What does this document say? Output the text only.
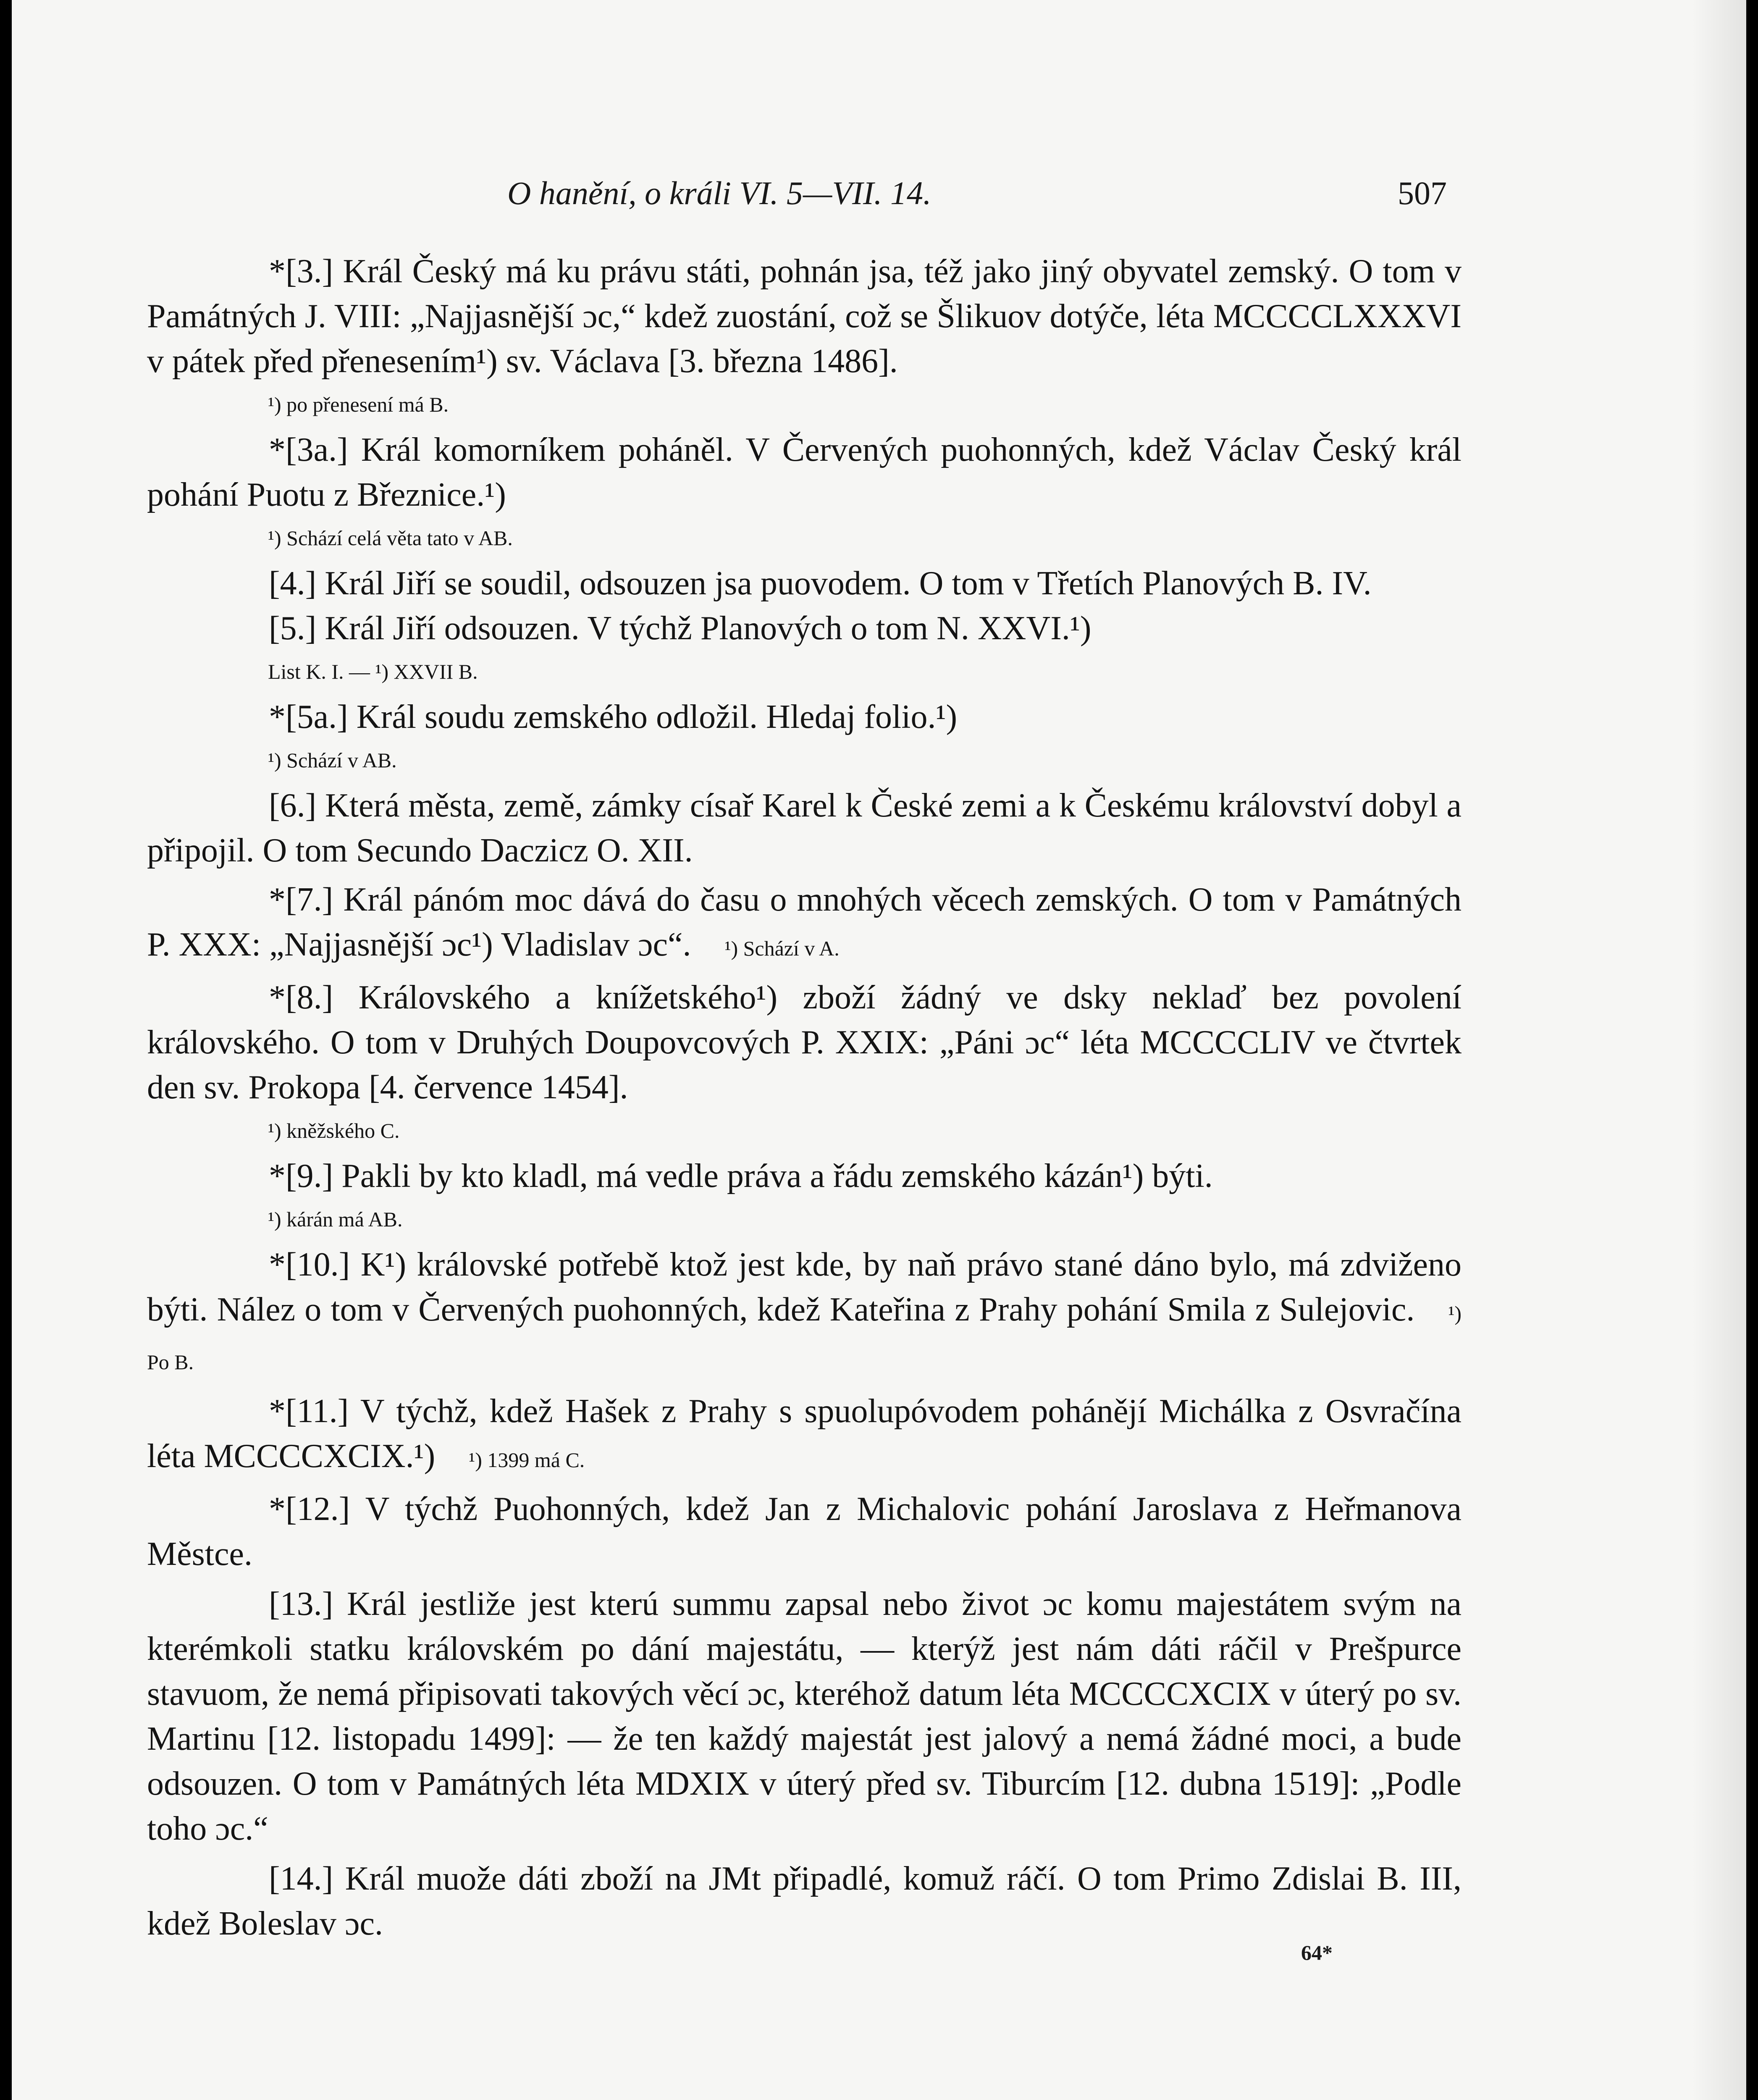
O hanění, o králi VI. 5—VII. 14.	507

*[3.] Král Český má ku právu státi, pohnán jsa, též jako jiný obyvatel zemský. O tom v Památných J. VIII: „Najjasnější ɔc,“ kdež zuostání, což se Šlikuov dotýče, léta MCCCCLXXXVI v pátek před přenesením¹) sv. Václava [3. března 1486].

¹) po přenesení má B.

*[3a.] Král komorníkem poháněl. V Červených puohonných, kdež Václav Český král pohání Puotu z Březnice.¹)

¹) Schází celá věta tato v AB.

[4.] Král Jiří se soudil, odsouzen jsa puovodem. O tom v Třetích Planových B. IV.

[5.] Král Jiří odsouzen. V týchž Planových o tom N. XXVI.¹)

List K. I. — ¹) XXVII B.

*[5a.] Král soudu zemského odložil. Hledaj folio.¹)

¹) Schází v AB.

[6.] Která města, země, zámky císař Karel k České zemi a k Českému království dobyl a připojil. O tom Secundo Daczicz O. XII.

*[7.] Král pánóm moc dává do času o mnohých věcech zemských. O tom v Památných P. XXX: „Najjasnější ɔc¹) Vladislav ɔc“. ¹) Schází v A.

*[8.] Královského a knížetského¹) zboží žádný ve dsky neklaď bez povolení královského. O tom v Druhých Doupovcových P. XXIX: „Páni ɔc“ léta MCCCCLIV ve čtvrtek den sv. Prokopa [4. července 1454].

¹) kněžského C.

*[9.] Pakli by kto kladl, má vedle práva a řádu zemského kázán¹) býti.

¹) kárán má AB.

*[10.] K¹) královské potřebě ktož jest kde, by naň právo stané dáno bylo, má zdviženo býti. Nález o tom v Červených puohonných, kdež Kateřina z Prahy pohání Smila z Sulejovic. ¹) Po B.

*[11.] V týchž, kdež Hašek z Prahy s spuolupóvodem pohánějí Michálka z Osvračína léta MCCCCXCIX.¹) ¹) 1399 má C.

*[12.] V týchž Puohonných, kdež Jan z Michalovic pohání Jaroslava z Heřmanova Městce.

[13.] Král jestliže jest kterú summu zapsal nebo život ɔc komu majestátem svým na kterémkoli statku královském po dání majestátu, — kterýž jest nám dáti ráčil v Prešpurce stavuom, že nemá připisovati takových věcí ɔc, kteréhož datum léta MCCCCXCIX v úterý po sv. Martinu [12. listopadu 1499]: — že ten každý majestát jest jalový a nemá žádné moci, a bude odsouzen. O tom v Památných léta MDXIX v úterý před sv. Tiburcím [12. dubna 1519]: „Podle toho ɔc.“

[14.] Král muože dáti zboží na JMt připadlé, komuž ráčí. O tom Primo Zdislai B. III, kdež Boleslav ɔc.

64*
